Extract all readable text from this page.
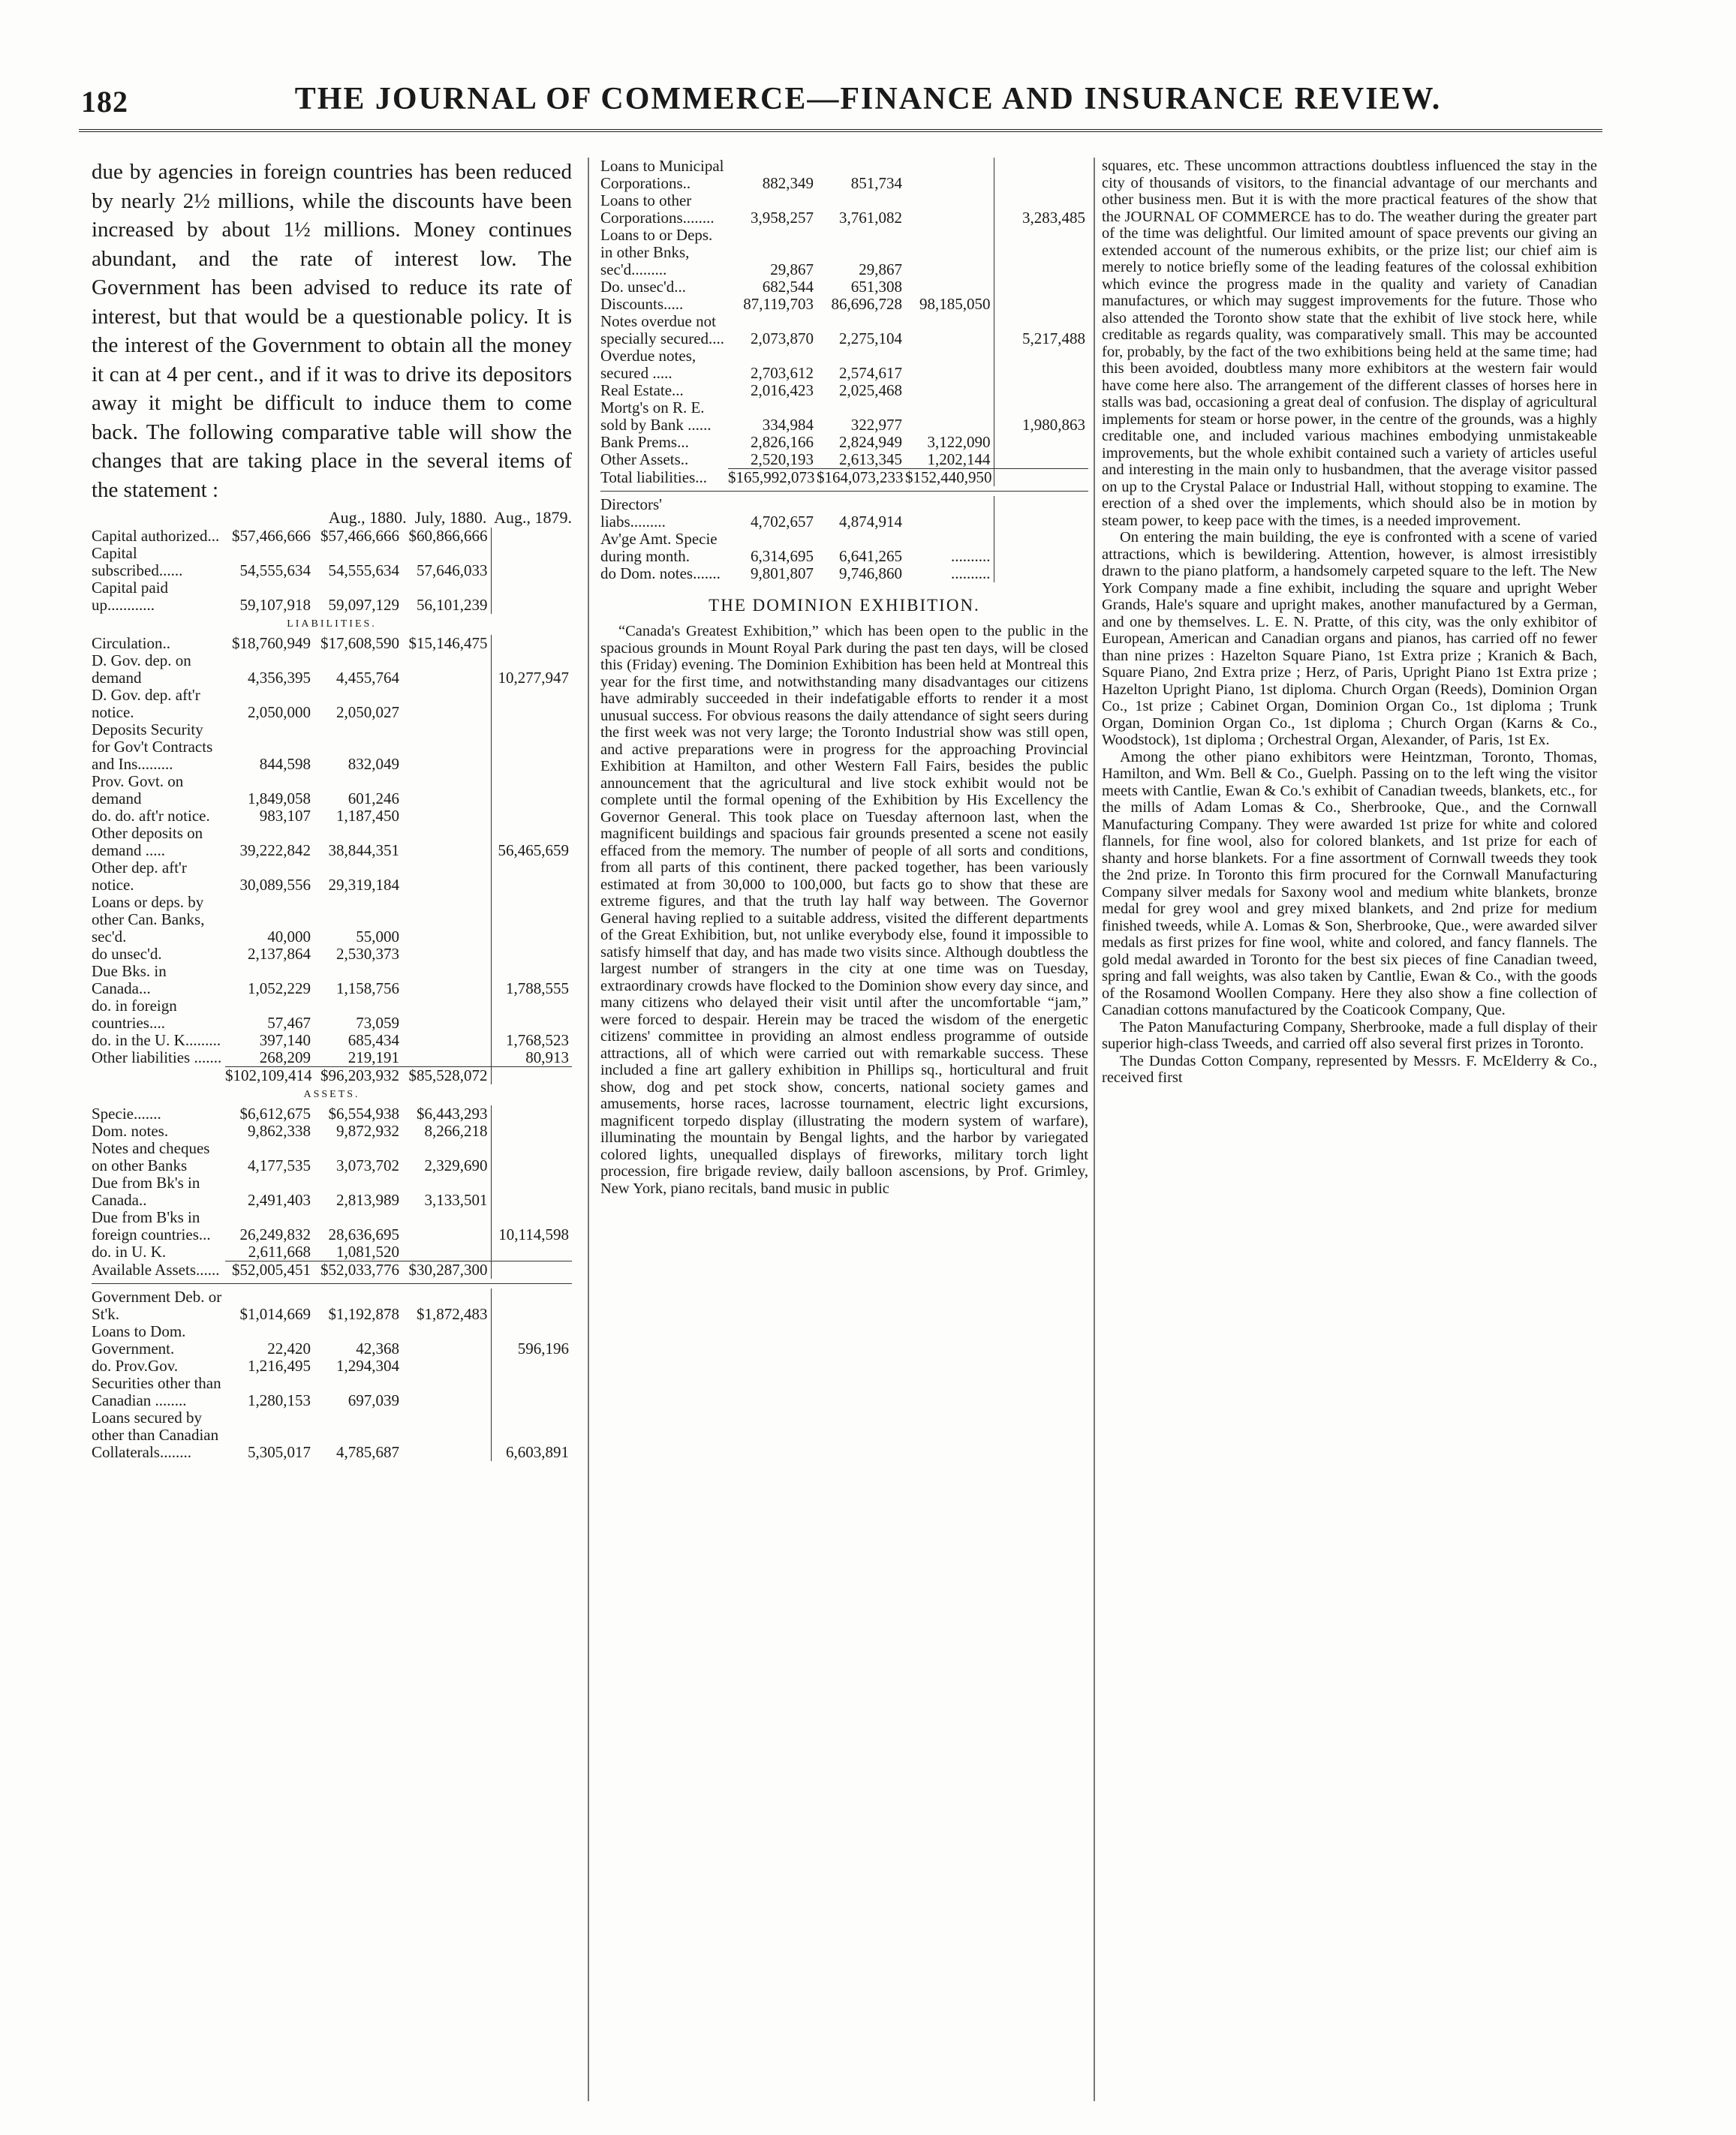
182	THE JOURNAL OF COMMERCE—FINANCE AND INSURANCE REVIEW.

due by agencies in foreign countries has been reduced by nearly 2½ millions, while the discounts have been increased by about 1½ millions. Money continues abundant, and the rate of interest low. The Government has been advised to reduce its rate of interest, but that would be a questionable policy. It is the interest of the Government to obtain all the money it can at 4 per cent., and if it was to drive its depositors away it might be difficult to induce them to come back. The following comparative table will show the changes that are taking place in the several items of the statement :

Aug., 1880.  July, 1880.  Aug., 1879.
Capital authorized...	$57,466,666	$57,466,666	$60,866,666	
Capital subscribed......	54,555,634	54,555,634	57,646,033	
Capital paid up............	59,107,918	59,097,129	56,101,239	
LIABILITIES.
Circulation..	$18,760,949	$17,608,590	$15,146,475	
D. Gov. dep. on demand	4,356,395	4,455,764		10,277,947
D. Gov. dep. aft'r notice.	2,050,000	2,050,027		
Deposits Security for Gov't Contracts and Ins.........	844,598	832,049		
Prov. Govt. on demand	1,849,058	601,246		
do. do. aft'r notice.	983,107	1,187,450		
Other deposits on demand .....	39,222,842	38,844,351		56,465,659
Other dep. aft'r notice.	30,089,556	29,319,184		
Loans or deps. by other Can. Banks, sec'd.	40,000	55,000		
do unsec'd.	2,137,864	2,530,373		
Due Bks. in Canada...	1,052,229	1,158,756		1,788,555
do. in foreign countries....	57,467	73,059		
do. in the U. K.........	397,140	685,434		1,768,523
Other liabilities .......	268,209	219,191		80,913
	$102,109,414	$96,203,932	$85,528,072	
ASSETS.
Specie.......	$6,612,675	$6,554,938	$6,443,293	
Dom. notes.	9,862,338	9,872,932	8,266,218	
Notes and cheques on other Banks	4,177,535	3,073,702	2,329,690	
Due from Bk's in Canada..	2,491,403	2,813,989	3,133,501	
Due from B'ks in foreign countries...	26,249,832	28,636,695		10,114,598
do. in U. K.	2,611,668	1,081,520		
Available Assets......	$52,005,451	$52,033,776	$30,287,300	
Government Deb. or St'k.	$1,014,669	$1,192,878	$1,872,483	
Loans to Dom. Government.	22,420	42,368		596,196
do. Prov.Gov.	1,216,495	1,294,304		
Securities other than Canadian ........	1,280,153	697,039		
Loans secured by other than Canadian Collaterals........	5,305,017	4,785,687		6,603,891
Loans to Municipal Corporations..	882,349	851,734		
Loans to other Corporations........	3,958,257	3,761,082		3,283,485
Loans to or Deps. in other Bnks, sec'd.........	29,867	29,867		
Do. unsec'd...	682,544	651,308		
Discounts.....	87,119,703	86,696,728	98,185,050	
Notes overdue not specially secured....	2,073,870	2,275,104		5,217,488
Overdue notes, secured .....	2,703,612	2,574,617		
Real Estate...	2,016,423	2,025,468		
Mortg's on R. E. sold by Bank ......	334,984	322,977		1,980,863
Bank Prems...	2,826,166	2,824,949	3,122,090	
Other Assets..	2,520,193	2,613,345	1,202,144	
Total liabilities...	$165,992,073	$164,073,233	$152,440,950	
Directors' liabs.........	4,702,657	4,874,914		
Av'ge Amt. Specie during month.	6,314,695	6,641,265	..........	
do Dom. notes.......	9,801,807	9,746,860	..........	
THE DOMINION EXHIBITION.

“Canada's Greatest Exhibition,” which has been open to the public in the spacious grounds in Mount Royal Park during the past ten days, will be closed this (Friday) evening. The Dominion Exhibition has been held at Montreal this year for the first time, and notwithstanding many disadvantages our citizens have admirably succeeded in their indefatigable efforts to render it a most unusual success. For obvious reasons the daily attendance of sight seers during the first week was not very large; the Toronto Industrial show was still open, and active preparations were in progress for the approaching Provincial Exhibition at Hamilton, and other Western Fall Fairs, besides the public announcement that the agricultural and live stock exhibit would not be complete until the formal opening of the Exhibition by His Excellency the Governor General. This took place on Tuesday afternoon last, when the magnificent buildings and spacious fair grounds presented a scene not easily effaced from the memory. The number of people of all sorts and conditions, from all parts of this continent, there packed together, has been variously estimated at from 30,000 to 100,000, but facts go to show that these are extreme figures, and that the truth lay half way between. The Governor General having replied to a suitable address, visited the different departments of the Great Exhibition, but, not unlike everybody else, found it impossible to satisfy himself that day, and has made two visits since. Although doubtless the largest number of strangers in the city at one time was on Tuesday, extraordinary crowds have flocked to the Dominion show every day since, and many citizens who delayed their visit until after the uncomfortable “jam,” were forced to despair. Herein may be traced the wisdom of the energetic citizens' committee in providing an almost endless programme of outside attractions, all of which were carried out with remarkable success. These included a fine art gallery exhibition in Phillips sq., horticultural and fruit show, dog and pet stock show, concerts, national society games and amusements, horse races, lacrosse tournament, electric light excursions, magnificent torpedo display (illustrating the modern system of warfare), illuminating the mountain by Bengal lights, and the harbor by variegated colored lights, unequalled displays of fireworks, military torch light procession, fire brigade review, daily balloon ascensions, by Prof. Grimley, New York, piano recitals, band music in public

squares, etc. These uncommon attractions doubtless influenced the stay in the city of thousands of visitors, to the financial advantage of our merchants and other business men. But it is with the more practical features of the show that the JOURNAL OF COMMERCE has to do. The weather during the greater part of the time was delightful. Our limited amount of space prevents our giving an extended account of the numerous exhibits, or the prize list; our chief aim is merely to notice briefly some of the leading features of the colossal exhibition which evince the progress made in the quality and variety of Canadian manufactures, or which may suggest improvements for the future. Those who also attended the Toronto show state that the exhibit of live stock here, while creditable as regards quality, was comparatively small. This may be accounted for, probably, by the fact of the two exhibitions being held at the same time; had this been avoided, doubtless many more exhibitors at the western fair would have come here also. The arrangement of the different classes of horses here in stalls was bad, occasioning a great deal of confusion. The display of agricultural implements for steam or horse power, in the centre of the grounds, was a highly creditable one, and included various machines embodying unmistakeable improvements, but the whole exhibit contained such a variety of articles useful and interesting in the main only to husbandmen, that the average visitor passed on up to the Crystal Palace or Industrial Hall, without stopping to examine. The erection of a shed over the implements, which should also be in motion by steam power, to keep pace with the times, is a needed improvement.

On entering the main building, the eye is confronted with a scene of varied attractions, which is bewildering. Attention, however, is almost irresistibly drawn to the piano platform, a handsomely carpeted square to the left. The New York Company made a fine exhibit, including the square and upright Weber Grands, Hale's square and upright makes, another manufactured by a German, and one by themselves. L. E. N. Pratte, of this city, was the only exhibitor of European, American and Canadian organs and pianos, has carried off no fewer than nine prizes : Hazelton Square Piano, 1st Extra prize ; Kranich & Bach, Square Piano, 2nd Extra prize ; Herz, of Paris, Upright Piano 1st Extra prize ; Hazelton Upright Piano, 1st diploma. Church Organ (Reeds), Dominion Organ Co., 1st prize ; Cabinet Organ, Dominion Organ Co., 1st diploma ; Trunk Organ, Dominion Organ Co., 1st diploma ; Church Organ (Karns & Co., Woodstock), 1st diploma ; Orchestral Organ, Alexander, of Paris, 1st Ex.

Among the other piano exhibitors were Heintzman, Toronto, Thomas, Hamilton, and Wm. Bell & Co., Guelph. Passing on to the left wing the visitor meets with Cantlie, Ewan & Co.'s exhibit of Canadian tweeds, blankets, etc., for the mills of Adam Lomas & Co., Sherbrooke, Que., and the Cornwall Manufacturing Company. They were awarded 1st prize for white and colored flannels, for fine wool, also for colored blankets, and 1st prize for each of shanty and horse blankets. For a fine assortment of Cornwall tweeds they took the 2nd prize. In Toronto this firm procured for the Cornwall Manufacturing Company silver medals for Saxony wool and medium white blankets, bronze medal for grey wool and grey mixed blankets, and 2nd prize for medium finished tweeds, while A. Lomas & Son, Sherbrooke, Que., were awarded silver medals as first prizes for fine wool, white and colored, and fancy flannels. The gold medal awarded in Toronto for the best six pieces of fine Canadian tweed, spring and fall weights, was also taken by Cantlie, Ewan & Co., with the goods of the Rosamond Woollen Company. Here they also show a fine collection of Canadian cottons manufactured by the Coaticook Company, Que.

The Paton Manufacturing Company, Sherbrooke, made a full display of their superior high-class Tweeds, and carried off also several first prizes in Toronto.

The Dundas Cotton Company, represented by Messrs. F. McElderry & Co., received first
